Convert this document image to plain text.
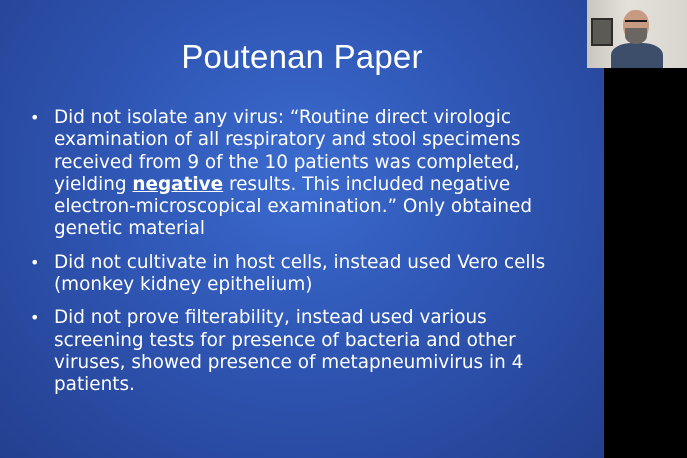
Poutenan Paper
• Did not isolate any virus: “Routine direct virologic
examination of all respiratory and stool specimens
received from 9 of the 10 patients was completed,
yielding negative results. This included negative
electron-microscopical examination.” Only obtained
genetic material
• Did not cultivate in host cells, instead used Vero cells
(monkey kidney epithelium)
• Did not prove filterability, instead used various
screening tests for presence of bacteria and other
viruses, showed presence of metapneumivirus in 4
patients.
